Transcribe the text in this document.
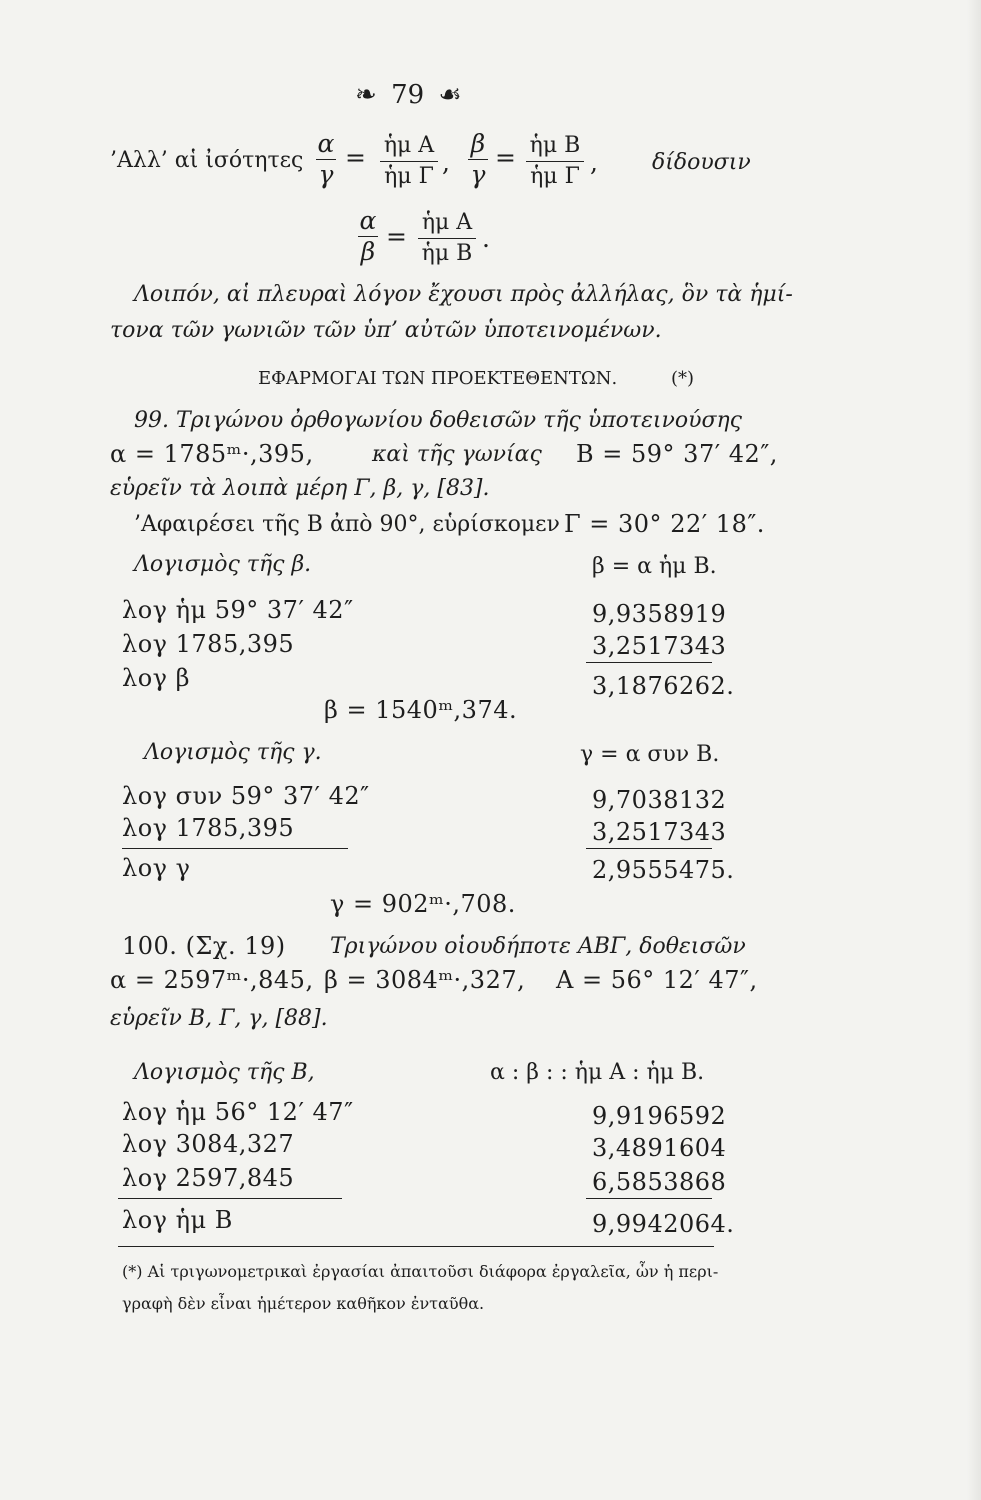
❧ 79 ☙
’Αλλ’ αἱ ἰσότητες
α
γ
= ἡμ A
ἡμ Γ ,
β
γ
= ἡμ B
ἡμ Γ , δίδουσιν
α
β
= ἡμ A
ἡμ B
.
Λοιπόν, αἱ πλευραὶ λόγον ἔχουσι πρὸς ἀλλήλας, ὃν τὰ ἡμί-
τονα τῶν γωνιῶν τῶν ὑπ’ αὐτῶν ὑποτεινομένων.
ΕΦΑΡΜΟΓΑΙ ΤΩΝ ΠΡΟΕΚΤΕΘΕΝΤΩΝ.	(*)
99. Τριγώνου ὀρθογωνίου δοθεισῶν τῆς ὑποτεινούσης
α = 1785ᵐ·,395,	καὶ τῆς γωνίας B = 59° 37′ 42″,
εὑρεῖν τὰ λοιπὰ μέρη Γ, β, γ, [83].
’Αφαιρέσει τῆς B ἀπὸ 90°, εὑρίσκομεν Γ = 30° 22′ 18″.
Λογισμὸς τῆς β.	β = α ἡμ B.
λογ ἡμ 59° 37′ 42″	9,9358919
λογ 1785,395	3,2517343
λογ β	3,1876262.
β = 1540ᵐ,374.
Λογισμὸς τῆς γ.	γ = α συν B.
λογ συν 59° 37′ 42″	9,7038132
λογ 1785,395	3,2517343
λογ γ	2,9555475.
γ = 902ᵐ·,708.
100. (Σχ. 19) Τριγώνου οἱουδήποτε ΑΒΓ, δοθεισῶν
α = 2597ᵐ·,845, β = 3084ᵐ·,327, A = 56° 12′ 47″,
εὑρεῖν B, Γ, γ, [88].
Λογισμὸς τῆς B,	α : β : : ἡμ A : ἡμ B.
λογ ἡμ 56° 12′ 47″	9,9196592
λογ 3084,327	3,4891604
λογ 2597,845	6,5853868
λογ ἡμ B	9,9942064.
(*) Αἱ τριγωνομετρικαὶ ἐργασίαι ἀπαιτοῦσι διάφορα ἐργαλεῖα, ὧν ἡ περι-
γραφὴ δὲν εἶναι ἡμέτερον καθῆκον ἐνταῦθα.
